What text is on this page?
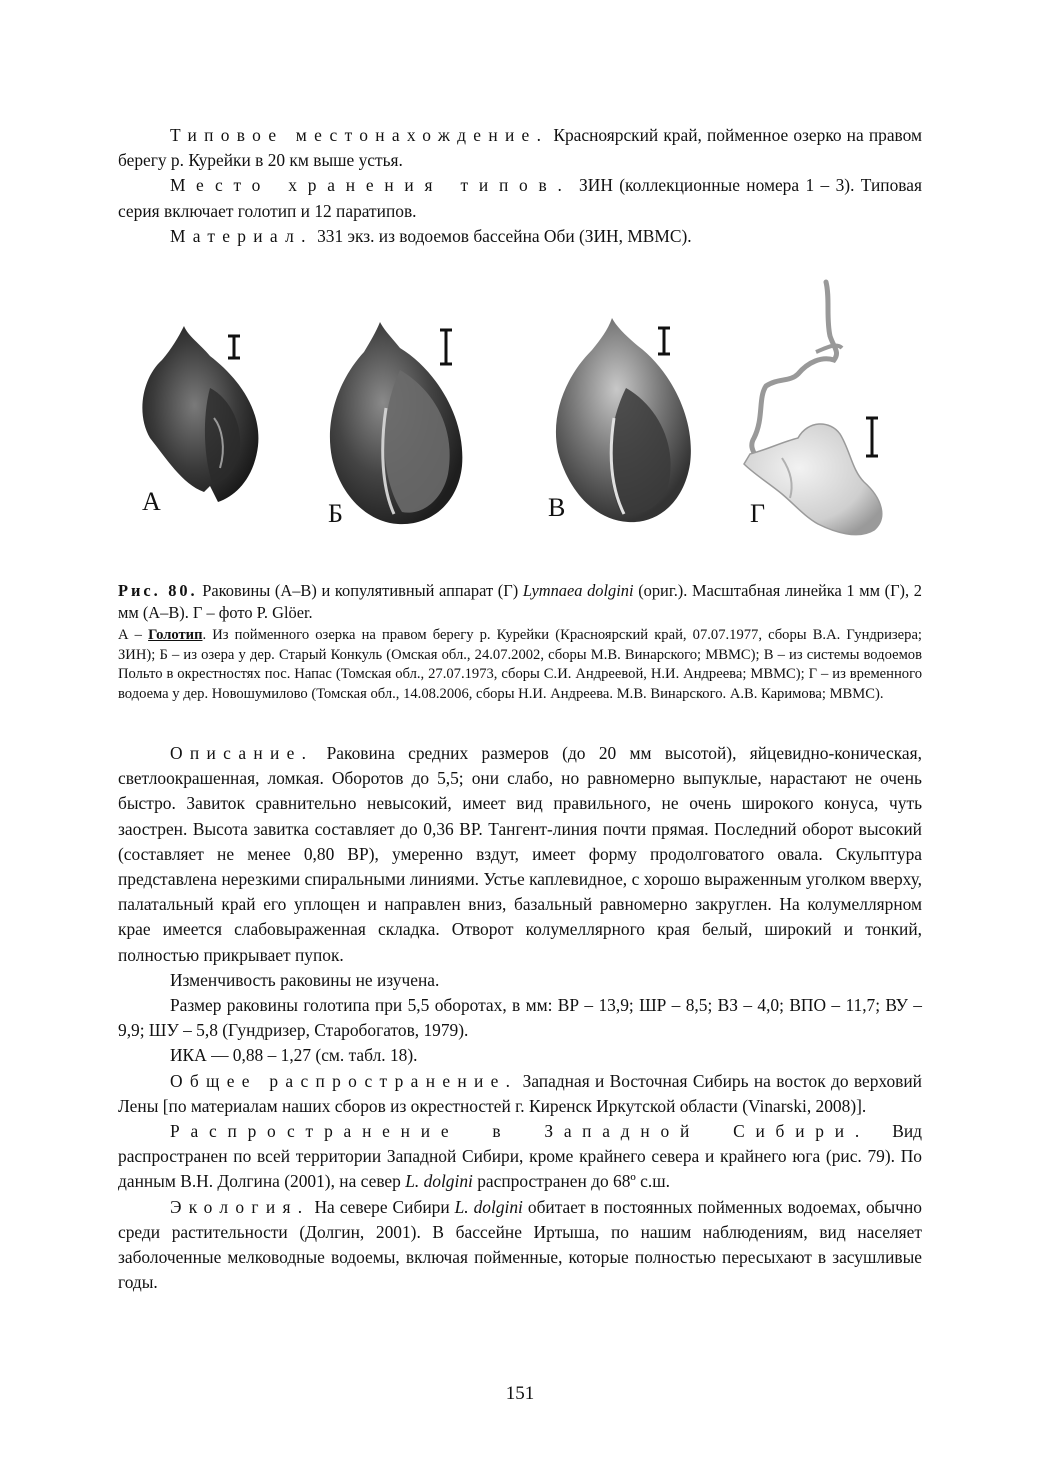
Типовое местонахождение. Красноярский край, пойменное озерко на правом берегу р. Курейки в 20 км выше устья.

Место хранения типов. ЗИН (коллекционные номера 1 – 3). Типовая серия включает голотип и 12 паратипов.

Материал. 331 экз. из водоемов бассейна Оби (ЗИН, МВМС).

А	Б	В	Г

Рис. 80. Раковины (А–В) и копулятивный аппарат (Г) Lymnaea dolgini (ориг.). Масштабная линейка 1 мм (Г), 2 мм (А–В). Г – фото P. Glöer.

А – Голотип. Из пойменного озерка на правом берегу р. Курейки (Красноярский край, 07.07.1977, сборы В.А. Гундризера; ЗИН); Б – из озера у дер. Старый Конкуль (Омская обл., 24.07.2002, сборы М.В. Винарского; МВМС); В – из системы водоемов Польто в окрестностях пос. Напас (Томская обл., 27.07.1973, сборы С.И. Андреевой, Н.И. Андреева; МВМС); Г – из временного водоема у дер. Новошумилово (Томская обл., 14.08.2006, сборы Н.И. Андреева. М.В. Винарского. А.В. Каримова; МВМС).

Описание. Раковина средних размеров (до 20 мм высотой), яйцевидно-коническая, светлоокрашенная, ломкая. Оборотов до 5,5; они слабо, но равномерно выпуклые, нарастают не очень быстро. Завиток сравнительно невысокий, имеет вид правильного, не очень широкого конуса, чуть заострен. Высота завитка составляет до 0,36 ВР. Тангент-линия почти прямая. Последний оборот высокий (составляет не менее 0,80 ВР), умеренно вздут, имеет форму продолговатого овала. Скульптура представлена нерезкими спиральными линиями. Устье каплевидное, с хорошо выраженным уголком вверху, палатальный край его уплощен и направлен вниз, базальный равномерно закруглен. На колумеллярном крае имеется слабовыраженная складка. Отворот колумеллярного края белый, широкий и тонкий, полностью прикрывает пупок.

Изменчивость раковины не изучена.

Размер раковины голотипа при 5,5 оборотах, в мм: ВР – 13,9; ШР – 8,5; ВЗ – 4,0; ВПО – 11,7; ВУ – 9,9; ШУ – 5,8 (Гундризер, Старобогатов, 1979).

ИКА — 0,88 – 1,27 (см. табл. 18).

Общее распространение. Западная и Восточная Сибирь на восток до верховий Лены [по материалам наших сборов из окрестностей г. Киренск Иркутской области (Vinarski, 2008)].

Распространение в Западной Сибири. Вид распространен по всей территории Западной Сибири, кроме крайнего севера и крайнего юга (рис. 79). По данным В.Н. Долгина (2001), на север L. dolgini распространен до 68º с.ш.

Экология. На севере Сибири L. dolgini обитает в постоянных пойменных водоемах, обычно среди растительности (Долгин, 2001). В бассейне Иртыша, по нашим наблюдениям, вид населяет заболоченные мелководные водоемы, включая пойменные, которые полностью пересыхают в засушливые годы.

151
